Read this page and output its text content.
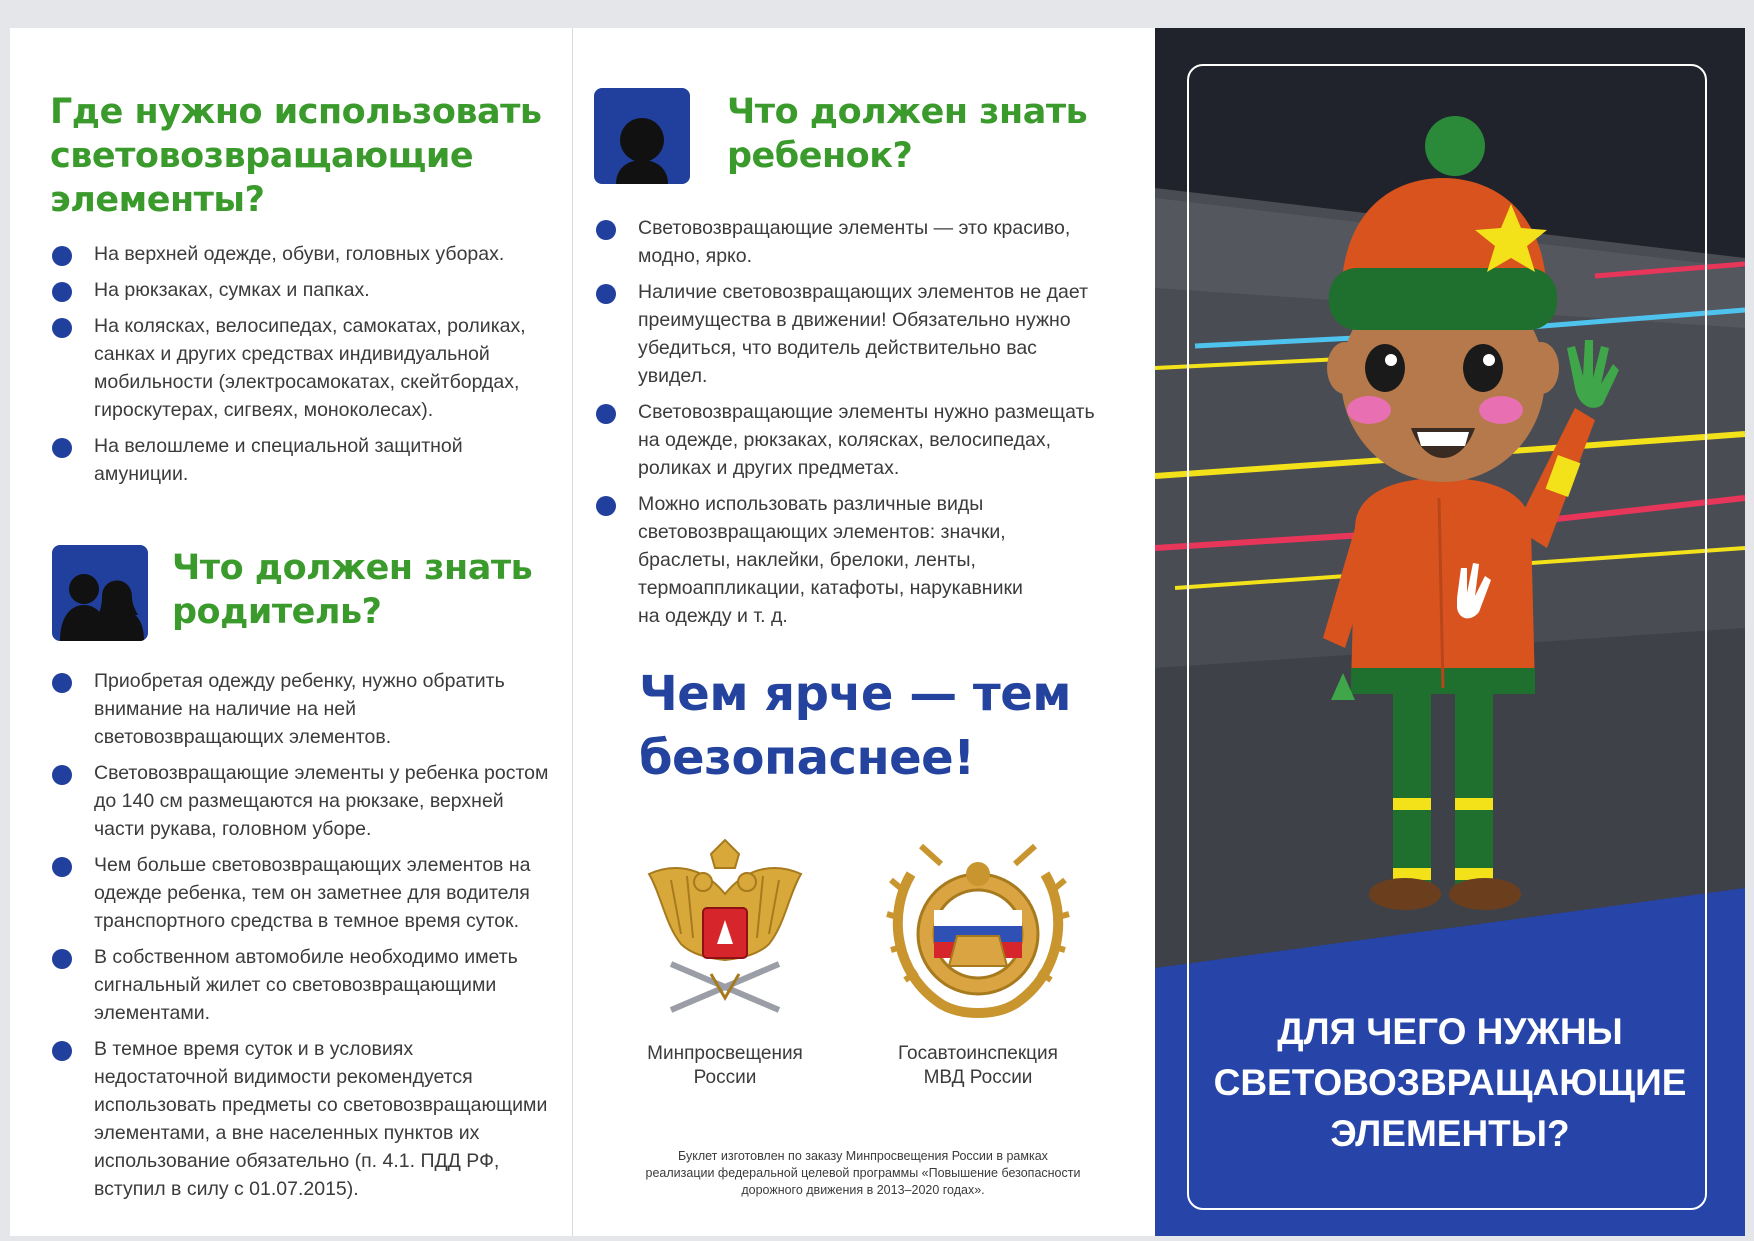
Где нужно использовать
световозвращающие
элементы?
На верхней одежде, обуви, головных уборах.
На рюкзаках, сумках и папках.
На колясках, велосипедах, самокатах, роликах,
санках и других средствах индивидуальной
мобильности (электросамокатах, скейтбордах,
гироскутерах, сигвеях, моноколесах).
На велошлеме и специальной защитной
амуниции.
Что должен знать
родитель?
Приобретая одежду ребенку, нужно обратить
внимание на наличие на ней
световозвращающих элементов.
Световозвращающие элементы у ребенка ростом
до 140 см размещаются на рюкзаке, верхней
части рукава, головном уборе.
Чем больше световозвращающих элементов на
одежде ребенка, тем он заметнее для водителя
транспортного средства в темное время суток.
В собственном автомобиле необходимо иметь
сигнальный жилет со световозвращающими
элементами.
В темное время суток и в условиях
недостаточной видимости рекомендуется
использовать предметы со световозвращающими
элементами, а вне населенных пунктов их
использование обязательно (п. 4.1. ПДД РФ,
вступил в силу с 01.07.2015).
Что должен знать
ребенок?
Световозвращающие элементы — это красиво,
модно, ярко.
Наличие световозвращающих элементов не дает
преимущества в движении! Обязательно нужно
убедиться, что водитель действительно вас
увидел.
Световозвращающие элементы нужно размещать
на одежде, рюкзаках, колясках, велосипедах,
роликах и других предметах.
Можно использовать различные виды
световозвращающих элементов: значки,
браслеты, наклейки, брелоки, ленты,
термоаппликации, катафоты, нарукавники
на одежду и т. д.
Чем ярче — тем
безопаснее!
Минпросвещения
России
Госавтоинспекция
МВД России
Буклет изготовлен по заказу Минпросвещения России в рамках
реализации федеральной целевой программы «Повышение безопасности
дорожного движения в 2013–2020 годах».
ДЛЯ ЧЕГО НУЖНЫ
СВЕТОВОЗВРАЩАЮЩИЕ
ЭЛЕМЕНТЫ?
